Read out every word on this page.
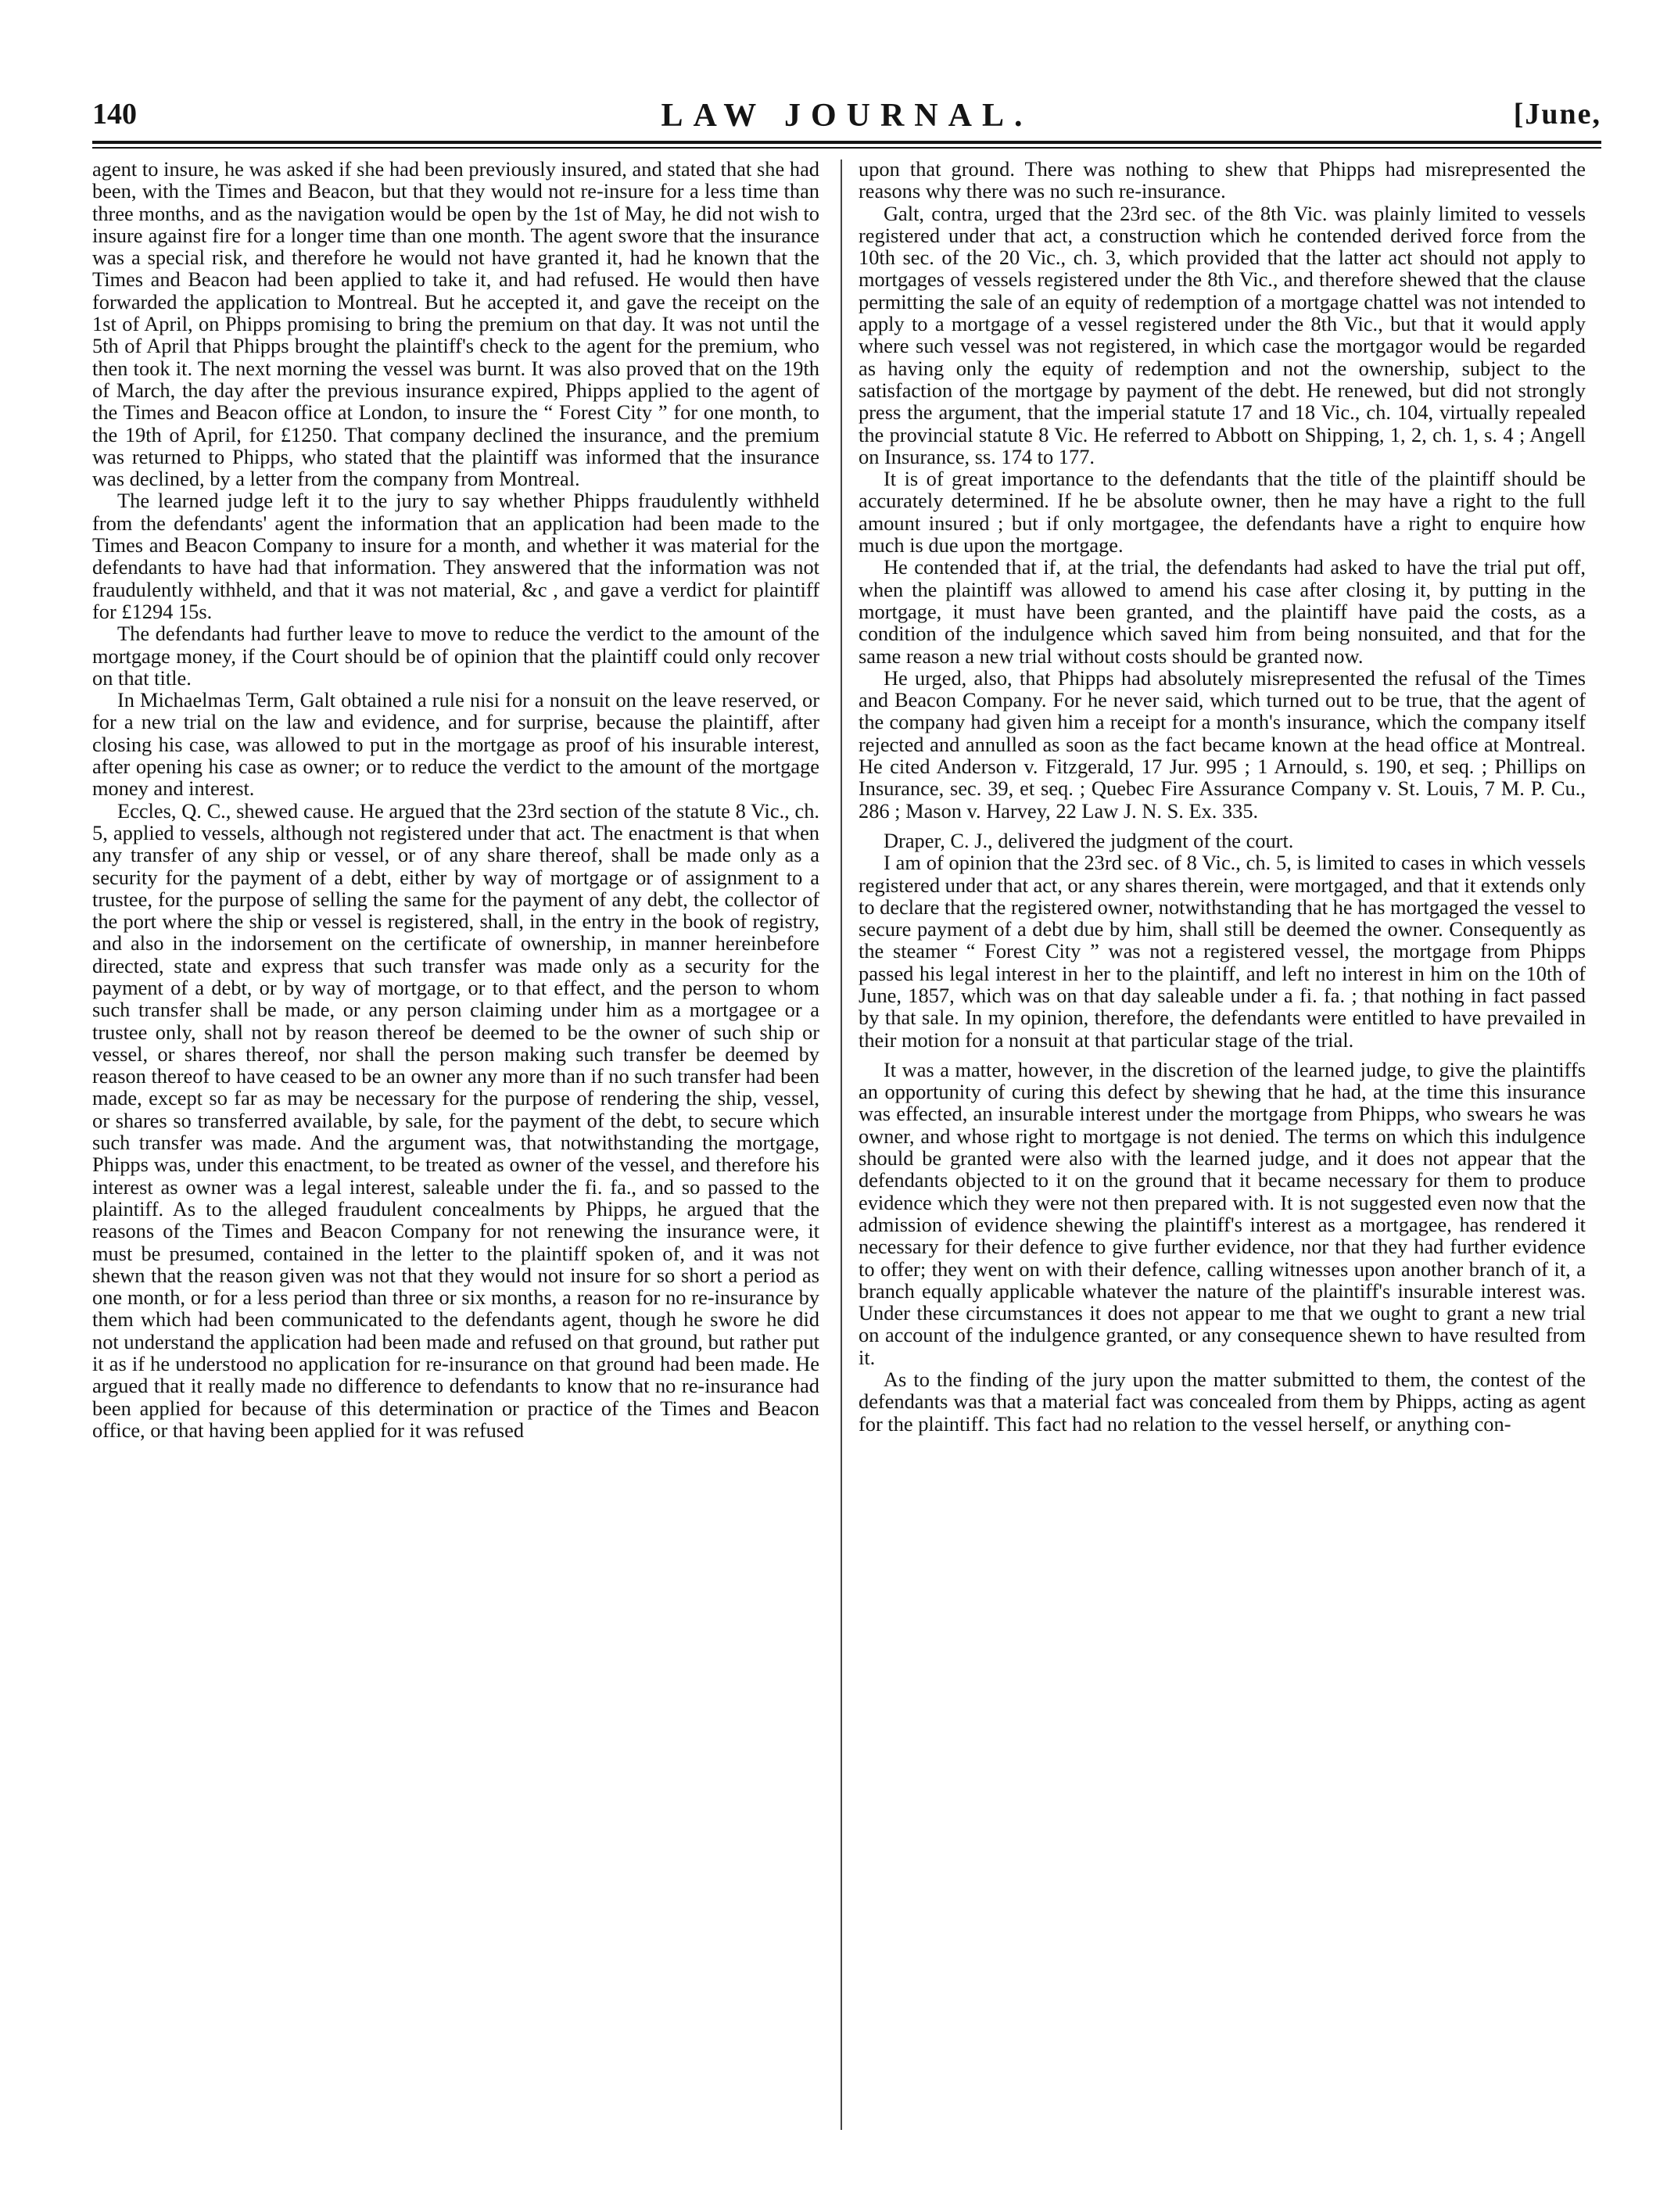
140	LAW JOURNAL.	[June,

agent to insure, he was asked if she had been previously insured, and stated that she had been, with the Times and Beacon, but that they would not re-insure for a less time than three months, and as the navigation would be open by the 1st of May, he did not wish to insure against fire for a longer time than one month. The agent swore that the insurance was a special risk, and therefore he would not have granted it, had he known that the Times and Beacon had been applied to take it, and had refused. He would then have forwarded the application to Montreal. But he accepted it, and gave the receipt on the 1st of April, on Phipps promising to bring the premium on that day. It was not until the 5th of April that Phipps brought the plaintiff's check to the agent for the premium, who then took it. The next morning the vessel was burnt. It was also proved that on the 19th of March, the day after the previous insurance expired, Phipps applied to the agent of the Times and Beacon office at London, to insure the “ Forest City ” for one month, to the 19th of April, for £1250. That company declined the insurance, and the premium was returned to Phipps, who stated that the plaintiff was informed that the insurance was declined, by a letter from the company from Montreal.

The learned judge left it to the jury to say whether Phipps fraudulently withheld from the defendants' agent the information that an application had been made to the Times and Beacon Company to insure for a month, and whether it was material for the defendants to have had that information. They answered that the information was not fraudulently withheld, and that it was not material, &c , and gave a verdict for plaintiff for £1294 15s.

The defendants had further leave to move to reduce the verdict to the amount of the mortgage money, if the Court should be of opinion that the plaintiff could only recover on that title.

In Michaelmas Term, Galt obtained a rule nisi for a nonsuit on the leave reserved, or for a new trial on the law and evidence, and for surprise, because the plaintiff, after closing his case, was allowed to put in the mortgage as proof of his insurable interest, after opening his case as owner; or to reduce the verdict to the amount of the mortgage money and interest.

Eccles, Q. C., shewed cause. He argued that the 23rd section of the statute 8 Vic., ch. 5, applied to vessels, although not registered under that act. The enactment is that when any transfer of any ship or vessel, or of any share thereof, shall be made only as a security for the payment of a debt, either by way of mortgage or of assignment to a trustee, for the purpose of selling the same for the payment of any debt, the collector of the port where the ship or vessel is registered, shall, in the entry in the book of registry, and also in the indorsement on the certificate of ownership, in manner hereinbefore directed, state and express that such transfer was made only as a security for the payment of a debt, or by way of mortgage, or to that effect, and the person to whom such transfer shall be made, or any person claiming under him as a mortgagee or a trustee only, shall not by reason thereof be deemed to be the owner of such ship or vessel, or shares thereof, nor shall the person making such transfer be deemed by reason thereof to have ceased to be an owner any more than if no such transfer had been made, except so far as may be necessary for the purpose of rendering the ship, vessel, or shares so transferred available, by sale, for the payment of the debt, to secure which such transfer was made. And the argument was, that notwithstanding the mortgage, Phipps was, under this enactment, to be treated as owner of the vessel, and therefore his interest as owner was a legal interest, saleable under the fi. fa., and so passed to the plaintiff. As to the alleged fraudulent concealments by Phipps, he argued that the reasons of the Times and Beacon Company for not renewing the insurance were, it must be presumed, contained in the letter to the plaintiff spoken of, and it was not shewn that the reason given was not that they would not insure for so short a period as one month, or for a less period than three or six months, a reason for no re-insurance by them which had been communicated to the defendants agent, though he swore he did not understand the application had been made and refused on that ground, but rather put it as if he understood no application for re-insurance on that ground had been made. He argued that it really made no difference to defendants to know that no re-insurance had been applied for because of this determination or practice of the Times and Beacon office, or that having been applied for it was refused

upon that ground. There was nothing to shew that Phipps had misrepresented the reasons why there was no such re-insurance.

Galt, contra, urged that the 23rd sec. of the 8th Vic. was plainly limited to vessels registered under that act, a construction which he contended derived force from the 10th sec. of the 20 Vic., ch. 3, which provided that the latter act should not apply to mortgages of vessels registered under the 8th Vic., and therefore shewed that the clause permitting the sale of an equity of redemption of a mortgage chattel was not intended to apply to a mortgage of a vessel registered under the 8th Vic., but that it would apply where such vessel was not registered, in which case the mortgagor would be regarded as having only the equity of redemption and not the ownership, subject to the satisfaction of the mortgage by payment of the debt. He renewed, but did not strongly press the argument, that the imperial statute 17 and 18 Vic., ch. 104, virtually repealed the provincial statute 8 Vic. He referred to Abbott on Shipping, 1, 2, ch. 1, s. 4 ; Angell on Insurance, ss. 174 to 177.

It is of great importance to the defendants that the title of the plaintiff should be accurately determined. If he be absolute owner, then he may have a right to the full amount insured ; but if only mortgagee, the defendants have a right to enquire how much is due upon the mortgage.

He contended that if, at the trial, the defendants had asked to have the trial put off, when the plaintiff was allowed to amend his case after closing it, by putting in the mortgage, it must have been granted, and the plaintiff have paid the costs, as a condition of the indulgence which saved him from being nonsuited, and that for the same reason a new trial without costs should be granted now.

He urged, also, that Phipps had absolutely misrepresented the refusal of the Times and Beacon Company. For he never said, which turned out to be true, that the agent of the company had given him a receipt for a month's insurance, which the company itself rejected and annulled as soon as the fact became known at the head office at Montreal. He cited Anderson v. Fitzgerald, 17 Jur. 995 ; 1 Arnould, s. 190, et seq. ; Phillips on Insurance, sec. 39, et seq. ; Quebec Fire Assurance Company v. St. Louis, 7 M. P. Cu., 286 ; Mason v. Harvey, 22 Law J. N. S. Ex. 335.

Draper, C. J., delivered the judgment of the court.

I am of opinion that the 23rd sec. of 8 Vic., ch. 5, is limited to cases in which vessels registered under that act, or any shares therein, were mortgaged, and that it extends only to declare that the registered owner, notwithstanding that he has mortgaged the vessel to secure payment of a debt due by him, shall still be deemed the owner. Consequently as the steamer “ Forest City ” was not a registered vessel, the mortgage from Phipps passed his legal interest in her to the plaintiff, and left no interest in him on the 10th of June, 1857, which was on that day saleable under a fi. fa. ; that nothing in fact passed by that sale. In my opinion, therefore, the defendants were entitled to have prevailed in their motion for a nonsuit at that particular stage of the trial.

It was a matter, however, in the discretion of the learned judge, to give the plaintiffs an opportunity of curing this defect by shewing that he had, at the time this insurance was effected, an insurable interest under the mortgage from Phipps, who swears he was owner, and whose right to mortgage is not denied. The terms on which this indulgence should be granted were also with the learned judge, and it does not appear that the defendants objected to it on the ground that it became necessary for them to produce evidence which they were not then prepared with. It is not suggested even now that the admission of evidence shewing the plaintiff's interest as a mortgagee, has rendered it necessary for their defence to give further evidence, nor that they had further evidence to offer; they went on with their defence, calling witnesses upon another branch of it, a branch equally applicable whatever the nature of the plaintiff's insurable interest was. Under these circumstances it does not appear to me that we ought to grant a new trial on account of the indulgence granted, or any consequence shewn to have resulted from it.

As to the finding of the jury upon the matter submitted to them, the contest of the defendants was that a material fact was concealed from them by Phipps, acting as agent for the plaintiff. This fact had no relation to the vessel herself, or anything con-
